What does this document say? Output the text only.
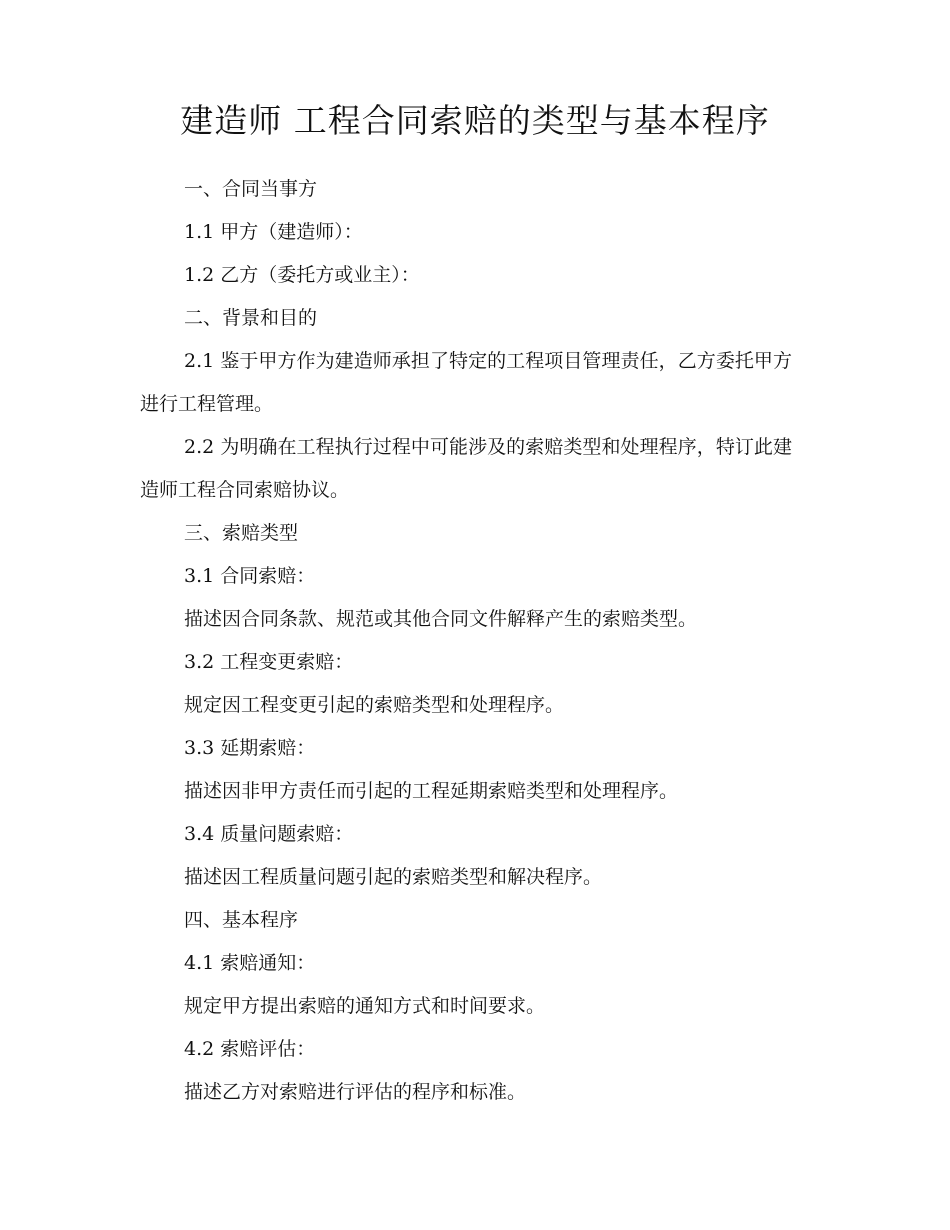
建造师 工程合同索赔的类型与基本程序

一、合同当事方

1.1 甲方（建造师）：

1.2 乙方（委托方或业主）：

二、背景和目的

2.1 鉴于甲方作为建造师承担了特定的工程项目管理责任，乙方委托甲方进行工程管理。

2.2 为明确在工程执行过程中可能涉及的索赔类型和处理程序，特订此建造师工程合同索赔协议。

三、索赔类型

3.1 合同索赔：

描述因合同条款、规范或其他合同文件解释产生的索赔类型。

3.2 工程变更索赔：

规定因工程变更引起的索赔类型和处理程序。

3.3 延期索赔：

描述因非甲方责任而引起的工程延期索赔类型和处理程序。

3.4 质量问题索赔：

描述因工程质量问题引起的索赔类型和解决程序。

四、基本程序

4.1 索赔通知：

规定甲方提出索赔的通知方式和时间要求。

4.2 索赔评估：

描述乙方对索赔进行评估的程序和标准。
